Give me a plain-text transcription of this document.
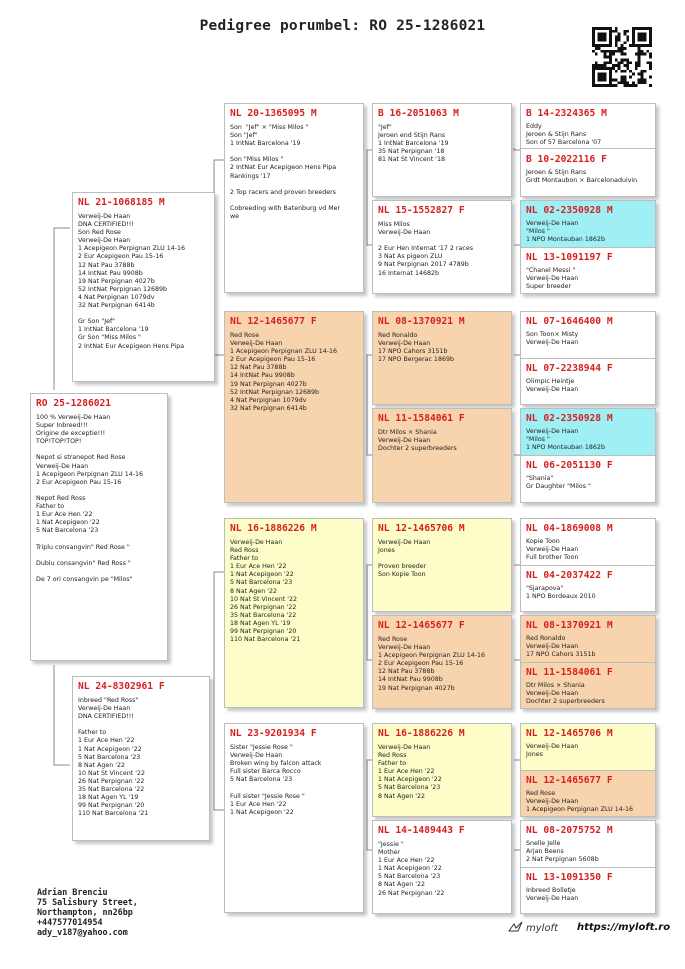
Pedigree porumbel: RO 25-1286021
RO 25-1286021
100 % Verweij-De Haan
Super Inbreed!!!
Origine de exceptie!!!
TOP!TOP!TOP!
Nepot si stranepot Red Rose
Verweij-De Haan
1 Acepigeon Perpignan ZLU 14-16
2 Eur Acepigeon Pau 15-16
Nepot Red Ross
Father to
1 Eur Ace Hen '22
1 Nat Acepigeon '22
5 Nat Barcelona '23
Triplu consangvin" Red Rose "
Dublu consangvin" Red Ross "
De 7 ori consangvin pe "Milos"
NL 21-1068185 M
Verweij-De Haan
DNA CERTIFIED!!!
Son Red Rose
Verweij-De Haan
1 Acepigeon Perpignan ZLU 14-16
2 Eur Acepigeon Pau 15-16
12 Nat Pau 3788b
14 IntNat Pau 9908b
19 Nat Perpignan 4027b
52 IntNat Perpignan 12689b
4 Nat Perpignan 1079dv
32 Nat Perpignan 6414b
Gr Son "Jef"
1 IntNat Barcelona '19
Gr Son "Miss Milos "
2 IntNat Eur Acepigeon Hens Pipa
NL 24-8302961 F
Inbreed "Red Ross"
Verweij-De Haan
DNA CERTIFIED!!!
Father to
1 Eur Ace Hen '22
1 Nat Acepigeon '22
5 Nat Barcelona '23
8 Nat Agen '22
10 Nat St Vincent '22
26 Nat Perpignan '22
35 Nat Barcelona '22
18 Nat Agen YL '19
99 Nat Perpignan '20
110 Nat Barcelona '21
NL 20-1365095 M
Son  "Jef" × "Miss Milos "
Son "Jef"
1 IntNat Barcelona '19
Son "Miss Milos "
2 IntNat Eur Acepigeon Hens Pipa
Rankings '17
2 Top racers and proven breeders
Cobreeding with Batenburg vd Mer
we
NL 12-1465677 F
Red Rose
Verweij-De Haan
1 Acepigeon Perpignan ZLU 14-16
2 Eur Acepigeon Pau 15-16
12 Nat Pau 3788b
14 IntNat Pau 9908b
19 Nat Perpignan 4027b
52 IntNat Perpignan 12689b
4 Nat Perpignan 1079dv
32 Nat Perpignan 6414b
NL 16-1886226 M
Verweij-De Haan
Red Ross
Father to
1 Eur Ace Hen '22
1 Nat Acepigeon '22
5 Nat Barcelona '23
8 Nat Agen '22
10 Nat St Vincent '22
26 Nat Perpignan '22
35 Nat Barcelona '22
18 Nat Agen YL '19
99 Nat Perpignan '20
110 Nat Barcelona '21
NL 23-9201934 F
Sister "Jessie Rose "
Verweij-De Haan
Broken wing by falcon attack
Full sister Barca Rocco
5 Nat Barcelona '23
Full sister "Jessie Rose "
1 Eur Ace Hen '22
1 Nat Acepigeon '22
B 16-2051063 M
"Jef"
Jeroen end Stijn Rans
1 IntNat Barcelona '19
35 Nat Perpignan '18
81 Nat St Vincent '18
NL 15-1552827 F
Miss Milos
Verweij-De Haan
2 Eur Hen Internat '17 2 races
3 Nat As pigeon ZLU
9 Nat Perpignan 2017 4789b
16 Internat 14682b
NL 08-1370921 M
Red Ronaldo
Verweij-De Haan
17 NPO Cahors 3151b
17 NPO Bergerac 1869b
NL 11-1584061 F
Dtr Milos × Shania
Verweij-De Haan
Dochter 2 superbreeders
NL 12-1465706 M
Verweij-De Haan
Jones
Proven breeder
Son Kopie Toon
NL 12-1465677 F
Red Rose
Verweij-De Haan
1 Acepigeon Perpignan ZLU 14-16
2 Eur Acepigeon Pau 15-16
12 Nat Pau 3788b
14 IntNat Pau 9908b
19 Nat Perpignan 4027b
NL 16-1886226 M
Verweij-De Haan
Red Ross
Father to
1 Eur Ace Hen '22
1 Nat Acepigeon '22
5 Nat Barcelona '23
8 Nat Agen '22
NL 14-1489443 F
"Jessie "
Mother
1 Eur Ace Hen '22
1 Nat Acepigeon '22
5 Nat Barcelona '23
8 Nat Agen '22
26 Nat Perpignan '22
B 14-2324365 M
Eddy
Jeroen & Stijn Rans
Son of 57 Barcelona '07
B 10-2022116 F
Jeroen & Stijn Rans
Grdt Montaubon × Barcelonaduivin
NL 02-2350928 M
Verweij-De Haan
"Milos "
1 NPO Montauban 1862b
NL 13-1091197 F
"Chanel Messi "
Verweij-De Haan
Super breeder
NL 07-1646400 M
Son Toon× Misty
Verweij-De Haan
NL 07-2238944 F
Olimpic Heintje
Verweij-De Haan
NL 02-2350928 M
Verweij-De Haan
"Milos "
1 NPO Montauban 1862b
NL 06-2051130 F
"Shania"
Gr Daughter "Milos "
NL 04-1869008 M
Kopie Toon
Verweij-De Haan
Full brother Toon
NL 04-2037422 F
"Sjarapova"
1 NPO Bordeaux 2010
NL 08-1370921 M
Red Ronaldo
Verweij-De Haan
17 NPO Cahors 3151b
NL 11-1584061 F
Dtr Milos × Shania
Verweij-De Haan
Dochter 2 superbreeders
NL 12-1465706 M
Verweij-De Haan
Jones
NL 12-1465677 F
Red Rose
Verweij-De Haan
1 Acepigeon Perpignan ZLU 14-16
NL 08-2075752 M
Snelle Jelle
Arjan Beens
2 Nat Perpignan 5608b
NL 13-1091350 F
Inbreed Bolletje
Verweij-De Haan
Adrian Brenciu
75 Salisbury Street,
Northampton, nn26bp
+447577014954
ady_v187@yahoo.com	myloft https://myloft.ro
